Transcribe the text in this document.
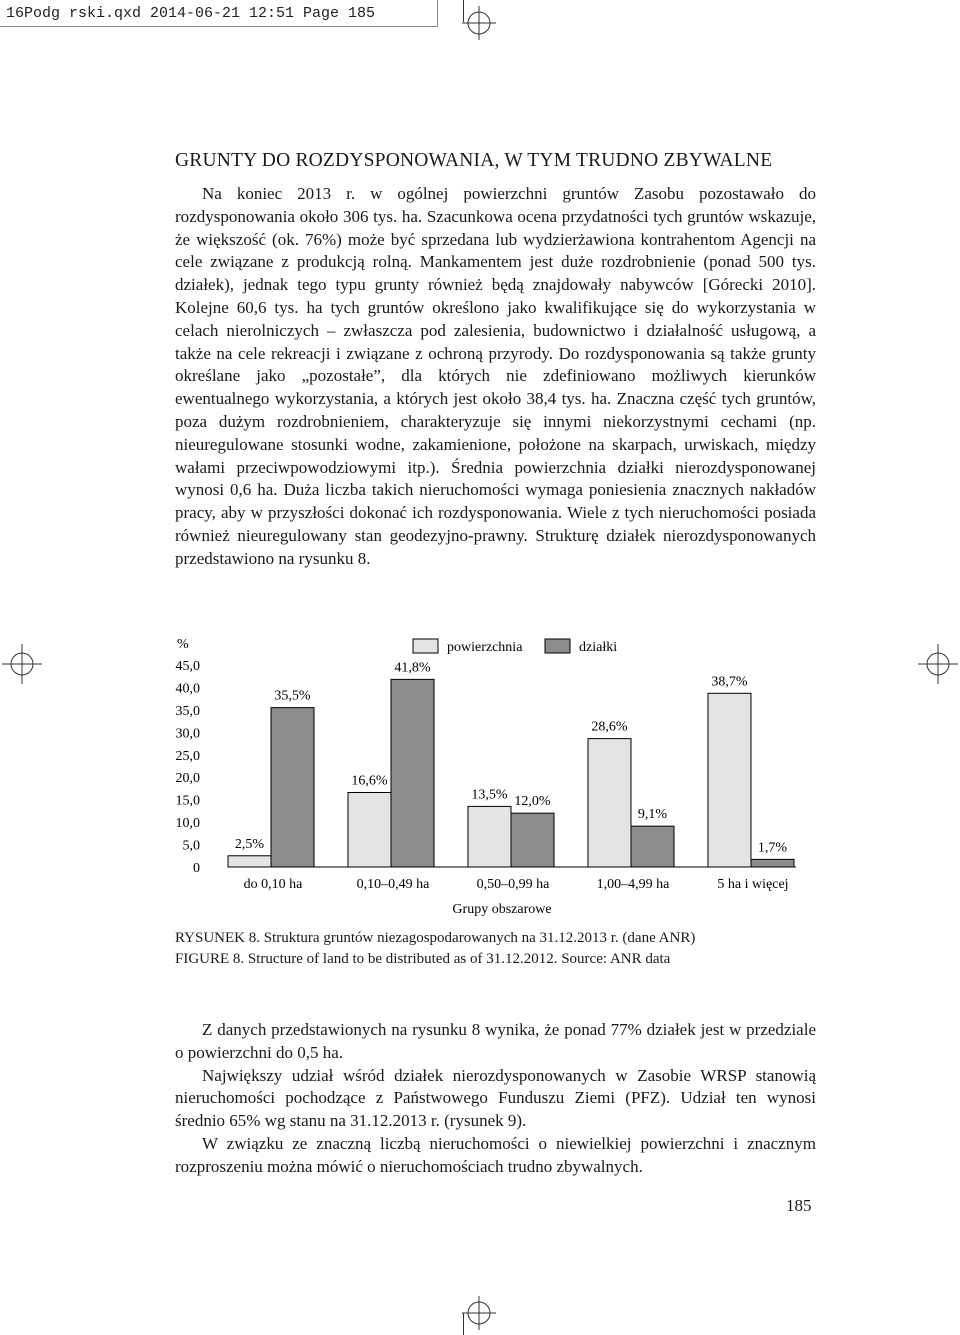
16Podg rski.qxd 2014-06-21 12:51 Page 185
GRUNTY DO ROZDYSPONOWANIA, W TYM TRUDNO ZBYWALNE

Na koniec 2013 r. w ogólnej powierzchni gruntów Zasobu pozostawało do rozdysponowania około 306 tys. ha. Szacunkowa ocena przydatności tych gruntów wskazuje, że większość (ok. 76%) może być sprzedana lub wydzierżawiona kontrahentom Agencji na cele związane z produkcją rolną. Mankamentem jest duże rozdrobnienie (ponad 500 tys. działek), jednak tego typu grunty również będą znajdowały nabywców [Górecki 2010]. Kolejne 60,6 tys. ha tych gruntów określono jako kwalifikujące się do wykorzystania w celach nierolniczych – zwłaszcza pod zalesienia, budownictwo i działalność usługową, a także na cele rekreacji i związane z ochroną przyrody. Do rozdysponowania są także grunty określane jako „pozostałe”, dla których nie zdefiniowano możliwych kierunków ewentualnego wykorzystania, a których jest około 38,4 tys. ha. Znaczna część tych gruntów, poza dużym rozdrobnieniem, charakteryzuje się innymi niekorzystnymi cechami (np. nieuregulowane stosunki wodne, zakamienione, położone na skarpach, urwiskach, między wałami przeciwpowodziowymi itp.). Średnia powierzchnia działki nierozdysponowanej wynosi 0,6 ha. Duża liczba takich nieruchomości wymaga poniesienia znacznych nakładów pracy, aby w przyszłości dokonać ich rozdysponowania. Wiele z tych nieruchomości posiada również nieuregulowany stan geodezyjno-prawny. Strukturę działek nierozdysponowanych przedstawiono na rysunku 8.

%
0
5,0
10,0
15,0
20,0
25,0
30,0
35,0
40,0
45,0
2,5%
35,5%
16,6%
41,8%
13,5% 12,0%
28,6%
9,1%
38,7%
1,7%
do 0,10 ha	0,10–0,49 ha	0,50–0,99 ha	1,00–4,99 ha	5 ha i więcej
powierzchnia	działki
Grupy obszarowe
RYSUNEK 8. Struktura gruntów niezagospodarowanych na 31.12.2013 r. (dane ANR)
FIGURE 8. Structure of land to be distributed as of 31.12.2012. Source: ANR data

Z danych przedstawionych na rysunku 8 wynika, że ponad 77% działek jest w przedziale o powierzchni do 0,5 ha.

Największy udział wśród działek nierozdysponowanych w Zasobie WRSP stanowią nieruchomości pochodzące z Państwowego Funduszu Ziemi (PFZ). Udział ten wynosi średnio 65% wg stanu na 31.12.2013 r. (rysunek 9).

W związku ze znaczną liczbą nieruchomości o niewielkiej powierzchni i znacznym rozproszeniu można mówić o nieruchomościach trudno zbywalnych.

185
